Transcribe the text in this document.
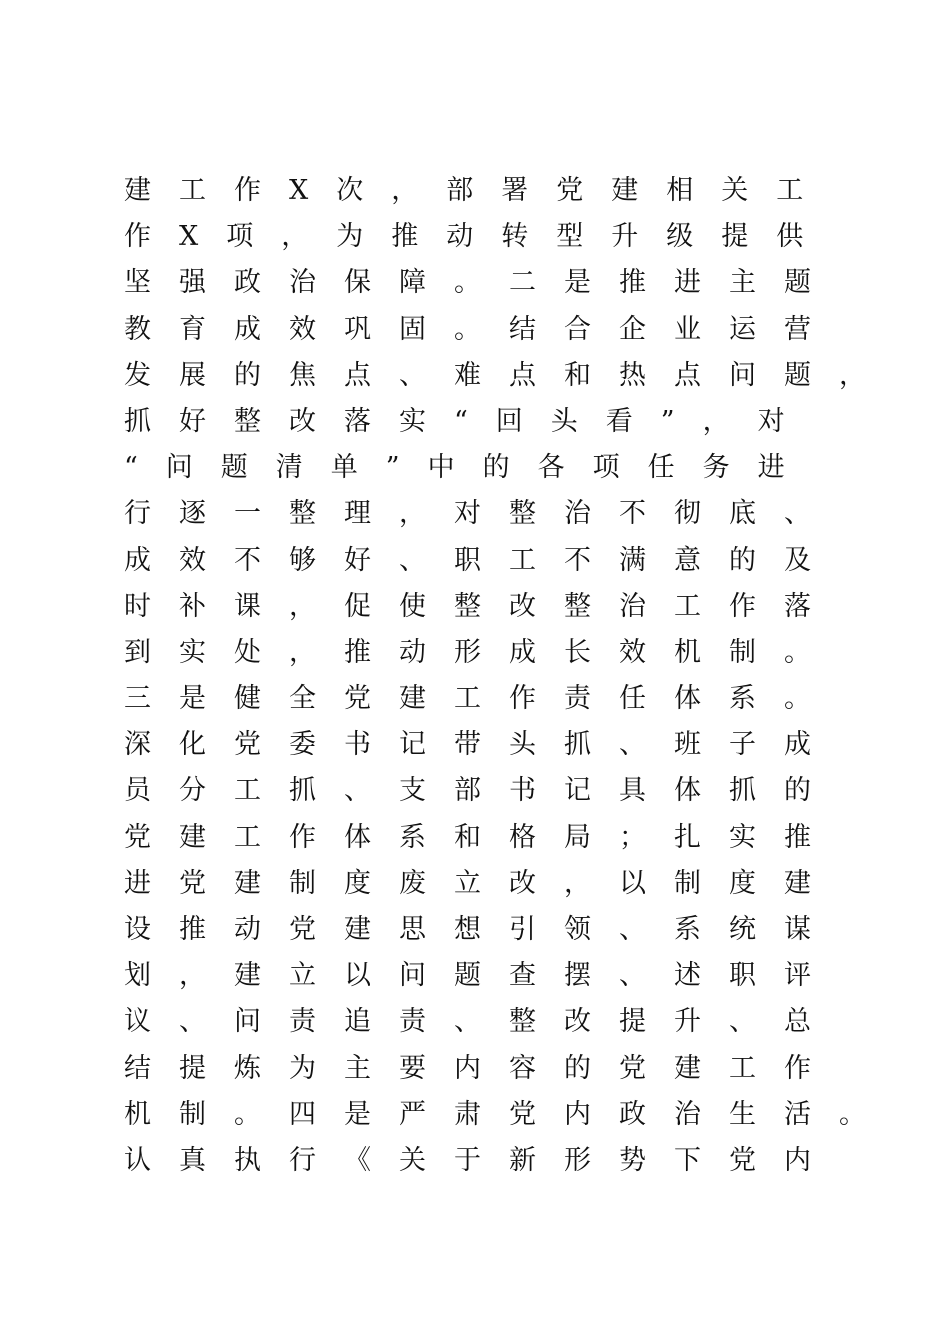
建工作X次，部署党建相关工
作X项，为推动转型升级提供
坚强政治保障。二是推进主题
教育成效巩固。结合企业运营
发展的焦点、难点和热点问题，
抓好整改落实“回头看”，对
“问题清单”中的各项任务进
行逐一整理，对整治不彻底、
成效不够好、职工不满意的及
时补课，促使整改整治工作落
到实处，推动形成长效机制。
三是健全党建工作责任体系。
深化党委书记带头抓、班子成
员分工抓、支部书记具体抓的
党建工作体系和格局；扎实推
进党建制度废立改，以制度建
设推动党建思想引领、系统谋
划，建立以问题查摆、述职评
议、问责追责、整改提升、总
结提炼为主要内容的党建工作
机制。四是严肃党内政治生活。
认真执行《关于新形势下党内
